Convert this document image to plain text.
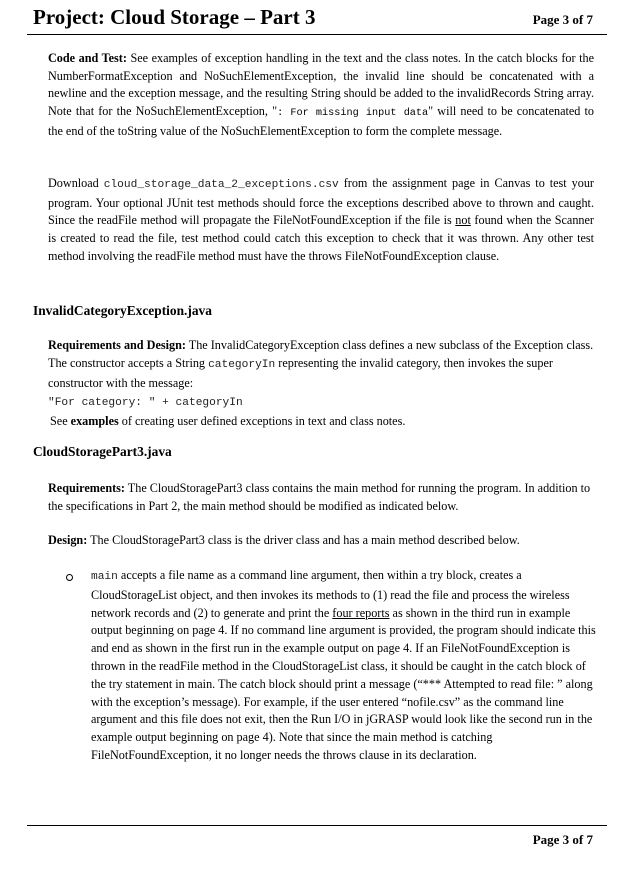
Project: Cloud Storage – Part 3	Page 3 of 7

Code and Test: See examples of exception handling in the text and the class notes. In the catch blocks for the NumberFormatException and NoSuchElementException, the invalid line should be concatenated with a newline and the exception message, and the resulting String should be added to the invalidRecords String array. Note that for the NoSuchElementException, ": For missing input data" will need to be concatenated to the end of the toString value of the NoSuchElementException to form the complete message.

Download cloud_storage_data_2_exceptions.csv from the assignment page in Canvas to test your program. Your optional JUnit test methods should force the exceptions described above to thrown and caught. Since the readFile method will propagate the FileNotFoundException if the file is not found when the Scanner is created to read the file, test method could catch this exception to check that it was thrown. Any other test method involving the readFile method must have the throws FileNotFoundException clause.

InvalidCategoryException.java

Requirements and Design: The InvalidCategoryException class defines a new subclass of the Exception class. The constructor accepts a String categoryIn representing the invalid category, then invokes the super constructor with the message:
"For category: " + categoryIn
See examples of creating user defined exceptions in text and class notes.

CloudStoragePart3.java

Requirements: The CloudStoragePart3 class contains the main method for running the program. In addition to the specifications in Part 2, the main method should be modified as indicated below.

Design: The CloudStoragePart3 class is the driver class and has a main method described below.

main accepts a file name as a command line argument, then within a try block, creates a CloudStorageList object, and then invokes its methods to (1) read the file and process the wireless network records and (2) to generate and print the four reports as shown in the third run in example output beginning on page 4. If no command line argument is provided, the program should indicate this and end as shown in the first run in the example output on page 4. If an FileNotFoundException is thrown in the readFile method in the CloudStorageList class, it should be caught in the catch block of the try statement in main. The catch block should print a message (“*** Attempted to read file: ” along with the exception’s message). For example, if the user entered “nofile.csv” as the command line argument and this file does not exit, then the Run I/O in jGRASP would look like the second run in the example output beginning on page 4). Note that since the main method is catching FileNotFoundException, it no longer needs the throws clause in its declaration.

Page 3 of 7
